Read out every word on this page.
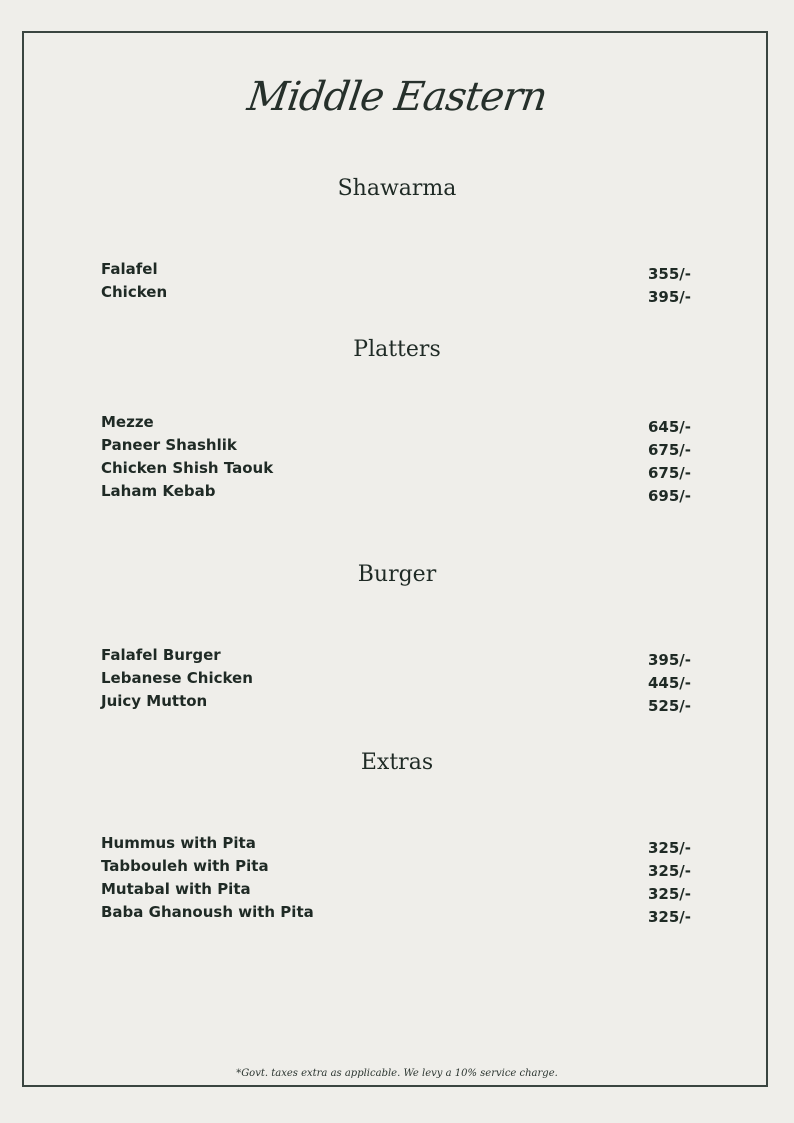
Middle Eastern
Shawarma
Falafel	355/-
Chicken	395/-
Platters
Mezze	645/-
Paneer Shashlik	675/-
Chicken Shish Taouk	675/-
Laham Kebab	695/-
Burger
Falafel Burger	395/-
Lebanese Chicken	445/-
Juicy Mutton	525/-
Extras
Hummus with Pita	325/-
Tabbouleh with Pita	325/-
Mutabal with Pita	325/-
Baba Ghanoush with Pita	325/-
*Govt. taxes extra as applicable. We levy a 10% service charge.
